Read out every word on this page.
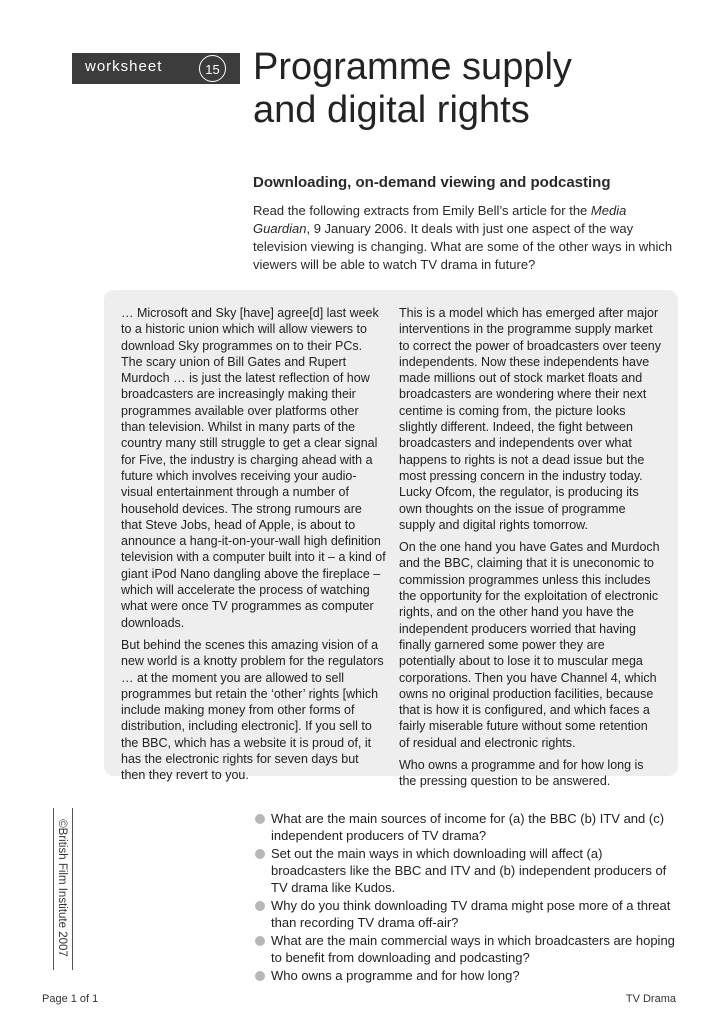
worksheet	15 Programme supply
and digital rights
Downloading, on-demand viewing and podcasting
Read the following extracts from Emily Bell’s article for the Media Guardian, 9 January 2006. It deals with just one aspect of the way television viewing is changing. What are some of the other ways in which viewers will be able to watch TV drama in future?

… Microsoft and Sky [have] agree[d] last week to a historic union which will allow viewers to download Sky programmes on to their PCs. The scary union of Bill Gates and Rupert Murdoch … is just the latest reflection of how broadcasters are increasingly making their programmes available over platforms other than television. Whilst in many parts of the country many still struggle to get a clear signal for Five, the industry is charging ahead with a future which involves receiving your audio-visual entertainment through a number of household devices. The strong rumours are that Steve Jobs, head of Apple, is about to announce a hang-it-on-your-wall high definition television with a computer built into it – a kind of giant iPod Nano dangling above the fireplace – which will accelerate the process of watching what were once TV programmes as computer downloads.

But behind the scenes this amazing vision of a new world is a knotty problem for the regulators … at the moment you are allowed to sell programmes but retain the ‘other’ rights [which include making money from other forms of distribution, including electronic]. If you sell to the BBC, which has a website it is proud of, it has the electronic rights for seven days but then they revert to you.

This is a model which has emerged after major interventions in the programme supply market to correct the power of broadcasters over teeny independents. Now these independents have made millions out of stock market floats and broadcasters are wondering where their next centime is coming from, the picture looks slightly different. Indeed, the fight between broadcasters and independents over what happens to rights is not a dead issue but the most pressing concern in the industry today. Lucky Ofcom, the regulator, is producing its own thoughts on the issue of programme supply and digital rights tomorrow.

On the one hand you have Gates and Murdoch and the BBC, claiming that it is uneconomic to commission programmes unless this includes the opportunity for the exploitation of electronic rights, and on the other hand you have the independent producers worried that having finally garnered some power they are potentially about to lose it to muscular mega corporations. Then you have Channel 4, which owns no original production facilities, because that is how it is configured, and which faces a fairly miserable future without some retention of residual and electronic rights.

Who owns a programme and for how long is the pressing question to be answered.

What are the main sources of income for (a) the BBC (b) ITV and (c) independent producers of TV drama?
Set out the main ways in which downloading will affect (a) broadcasters like the BBC and ITV and (b) independent producers of TV drama like Kudos.
Why do you think downloading TV drama might pose more of a threat than recording TV drama off-air?
What are the main commercial ways in which broadcasters are hoping to benefit from downloading and podcasting?
Who owns a programme and for how long?
©British Film Institute 2007
Page 1 of 1	TV Drama
